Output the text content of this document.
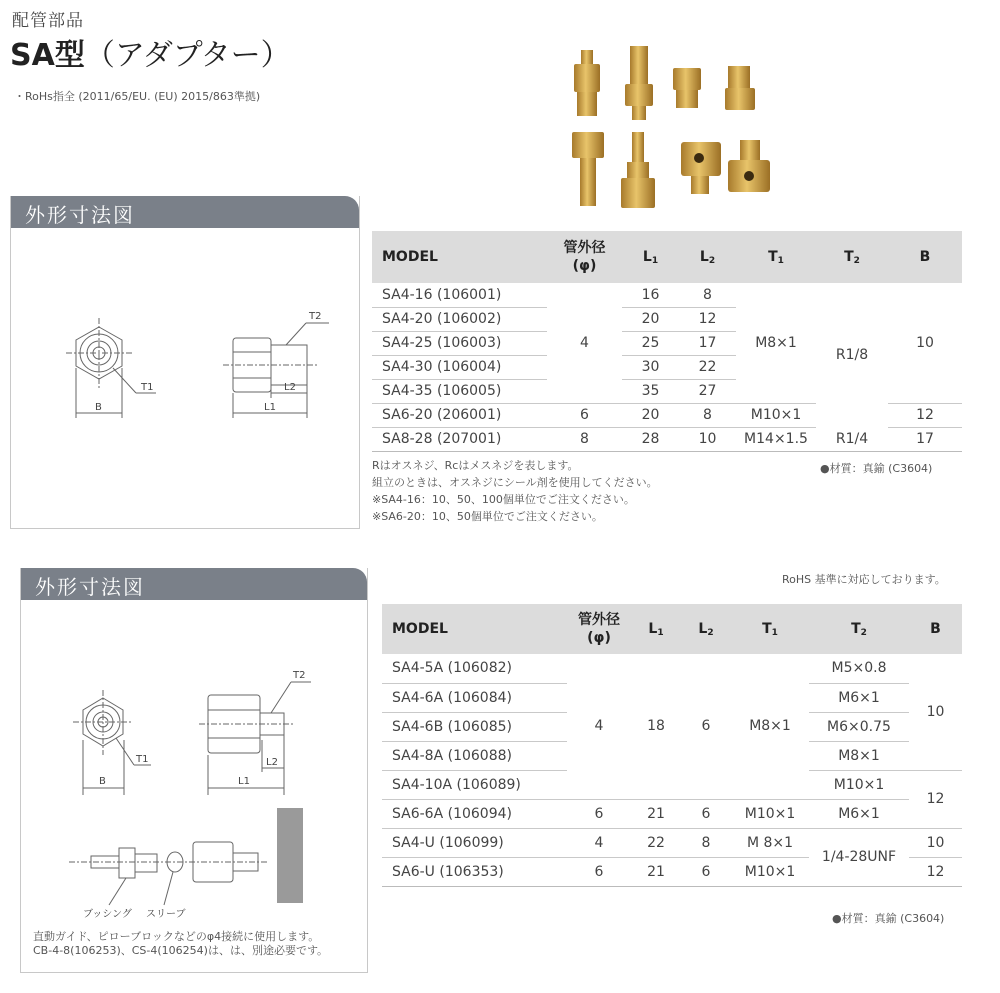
配管部品
SA型（アダプター）
・RoHs指全 (2011/65/EU. (EU) 2015/863準拠)
外形寸法図
B
T1
T2
L2
L1
MODEL	管外径
(φ)	$L_1$	$L_2$	$T_1$	$T_2$	B
SA4-16 (106001)	4	16	8	M8×1	R1/8	10
SA4-20 (106002)		20	12			
SA4-25 (106003)		25	17			
SA4-30 (106004)		30	22			
SA4-35 (106005)		35	27			
SA6-20 (206001)	6	20	8	M10×1		12
SA8-28 (207001)	8	28	10	M14×1.5	R1/4	17
Rはオスネジ、Rcはメスネジを表します。
組立のときは、オスネジにシール剤を使用してください。
※SA4-16：10、50、100個単位でご注文ください。
※SA6-20：10、50個単位でご注文ください。
●材質：真鍮 (C3604)
外形寸法図
B
T1
T2
L2
L1
ブッシング スリーブ
直動ガイド、ピローブロックなどのφ4接続に使用します。
CB-4-8(106253)、CS-4(106254)は、は、別途必要です。
RoHS 基準に対応しております。
MODEL	管外径
(φ)	$L_1$	$L_2$	$T_1$	$T_2$	B
SA4-5A (106082)	4	18	6	M8×1	M5×0.8	10
SA4-6A (106084)					M6×1	
SA4-6B (106085)					M6×0.75	
SA4-8A (106088)					M8×1	
SA4-10A (106089)					M10×1	12
SA6-6A (106094)	6	21	6	M10×1	M6×1	
SA4-U (106099)	4	22	8	M 8×1	1/4-28UNF	10
SA6-U (106353)	6	21	6	M10×1		12
●材質：真鍮 (C3604)
